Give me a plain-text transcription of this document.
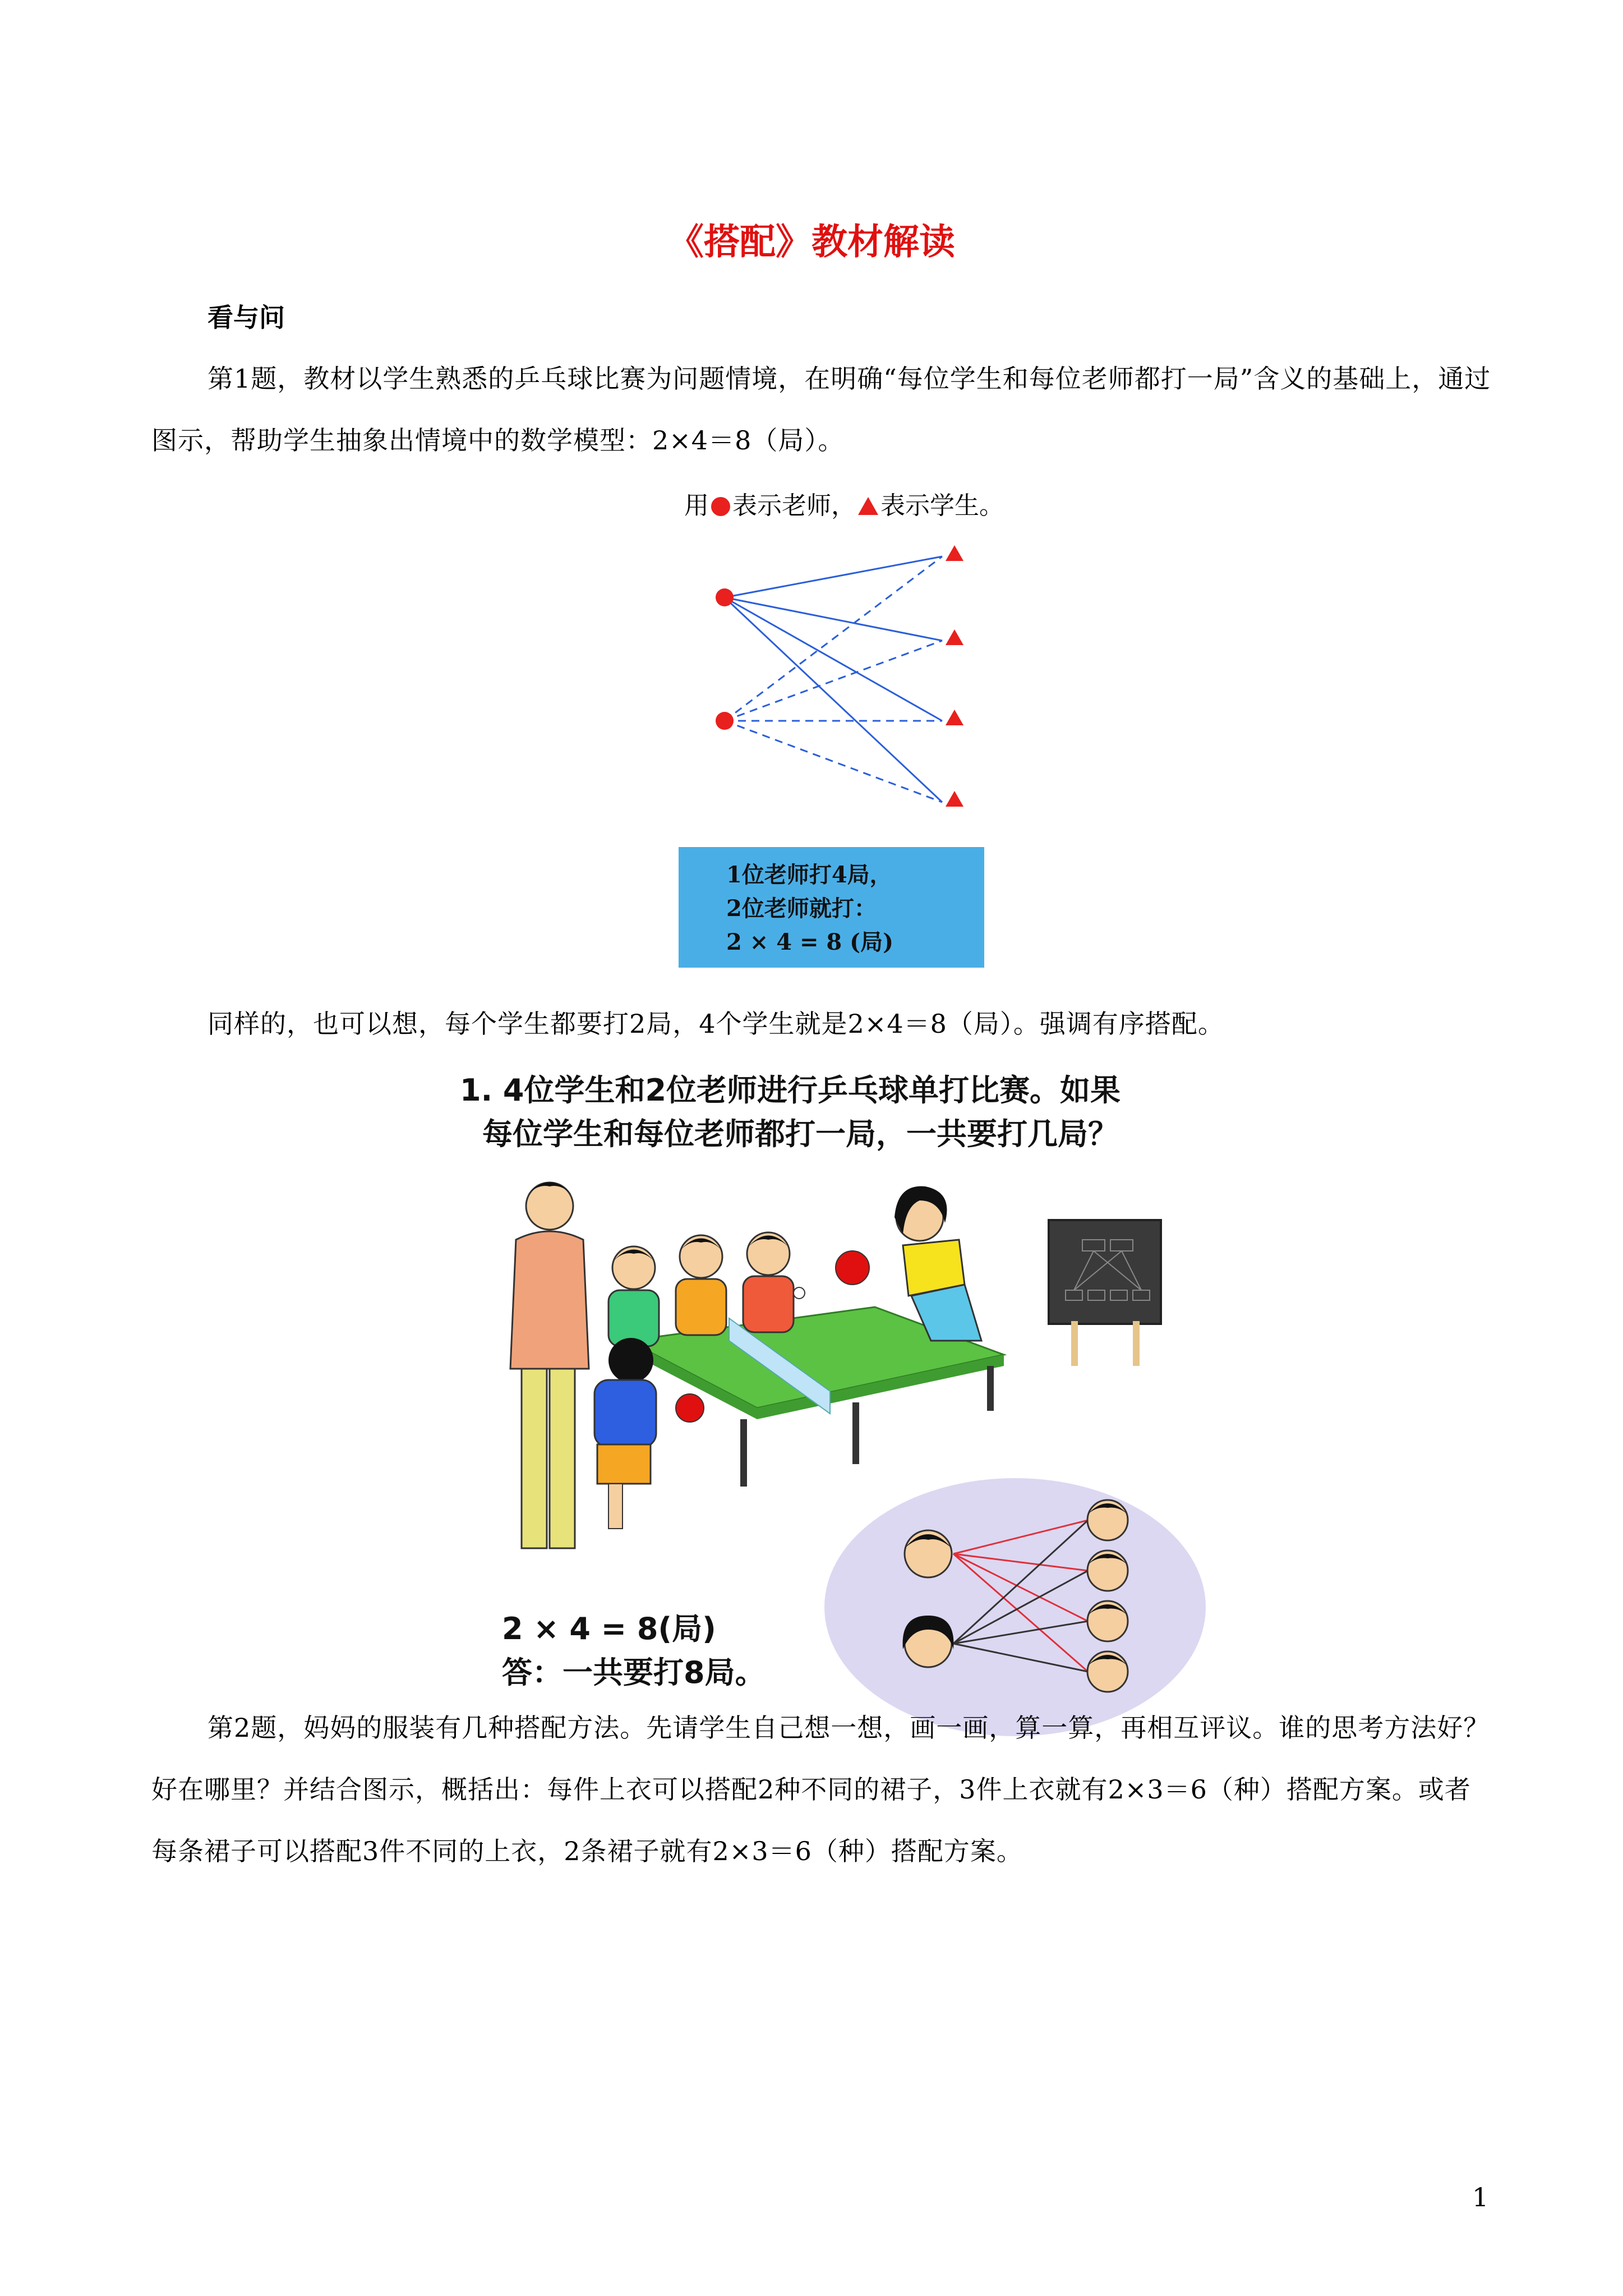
《搭配》教材解读
看与问
第1题，教材以学生熟悉的乒乓球比赛为问题情境，在明确“每位学生和每位老师都打一局”含义的基础上，通过图示，帮助学生抽象出情境中的数学模型：2×4＝8（局）。
用 表示老师， 表示学生。
1位老师打4局，
2位老师就打：
2 × 4 = 8 (局)
同样的，也可以想，每个学生都要打2局，4个学生就是2×4＝8（局）。强调有序搭配。
1. 4位学生和2位老师进行乒乓球单打比赛。如果
每位学生和每位老师都打一局，一共要打几局？
2 × 4 = 8(局)
答：一共要打8局。
第2题，妈妈的服装有几种搭配方法。先请学生自己想一想，画一画，算一算，再相互评议。谁的思考方法好？好在哪里？并结合图示，概括出：每件上衣可以搭配2种不同的裙子，3件上衣就有2×3＝6（种）搭配方案。或者每条裙子可以搭配3件不同的上衣，2条裙子就有2×3＝6（种）搭配方案。
1
